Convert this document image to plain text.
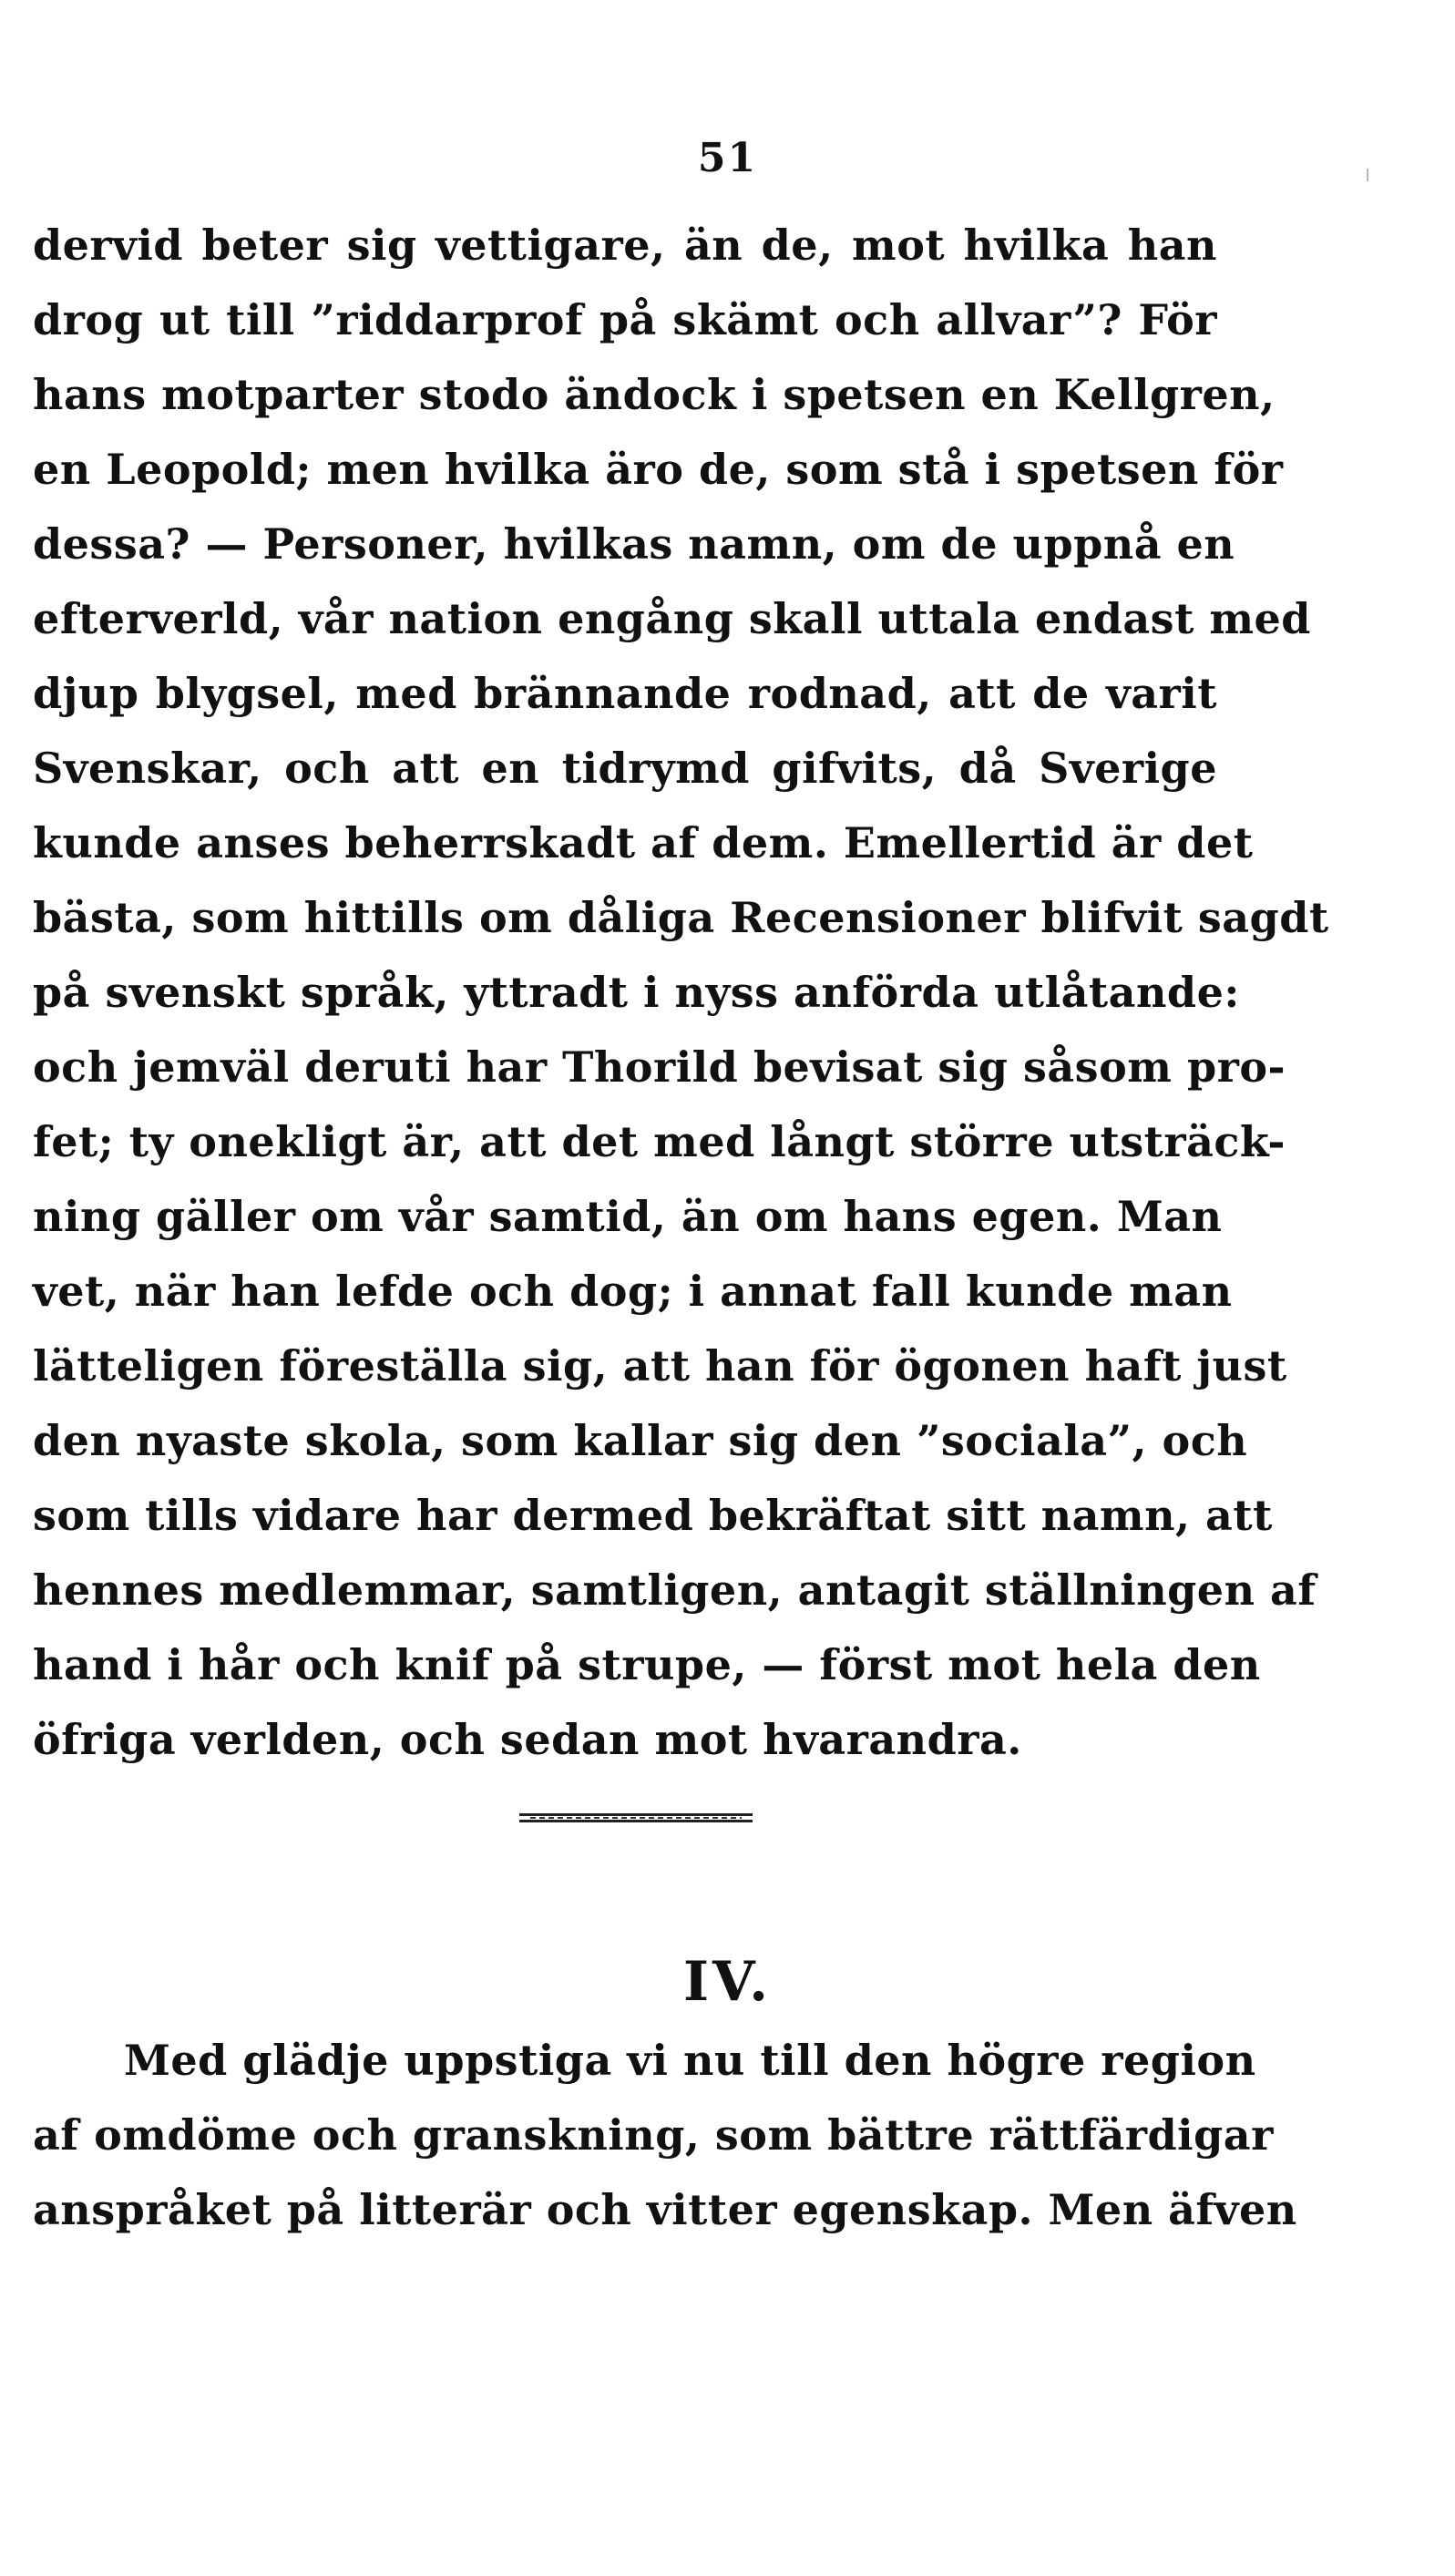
51
dervid beter sig vettigare, än de, mot hvilka han
drog ut till ”riddarprof på skämt och allvar”? För
hans motparter stodo ändock i spetsen en Kellgren,
en Leopold; men hvilka äro de, som stå i spetsen för
dessa? — Personer, hvilkas namn, om de uppnå en
efterverld, vår nation engång skall uttala endast med
djup blygsel, med brännande rodnad, att de varit
Svenskar, och att en tidrymd gifvits, då Sverige
kunde anses beherrskadt af dem. Emellertid är det
bästa, som hittills om dåliga Recensioner blifvit sagdt
på svenskt språk, yttradt i nyss anförda utlåtande:
och jemväl deruti har Thorild bevisat sig såsom pro-
fet; ty onekligt är, att det med långt större utsträck-
ning gäller om vår samtid, än om hans egen. Man
vet, när han lefde och dog; i annat fall kunde man
lätteligen föreställa sig, att han för ögonen haft just
den nyaste skola, som kallar sig den ”sociala”, och
som tills vidare har dermed bekräftat sitt namn, att
hennes medlemmar, samtligen, antagit ställningen af
hand i hår och knif på strupe, — först mot hela den
öfriga verlden, och sedan mot hvarandra.
IV.
Med glädje uppstiga vi nu till den högre region
af omdöme och granskning, som bättre rättfärdigar
anspråket på litterär och vitter egenskap. Men äfven
